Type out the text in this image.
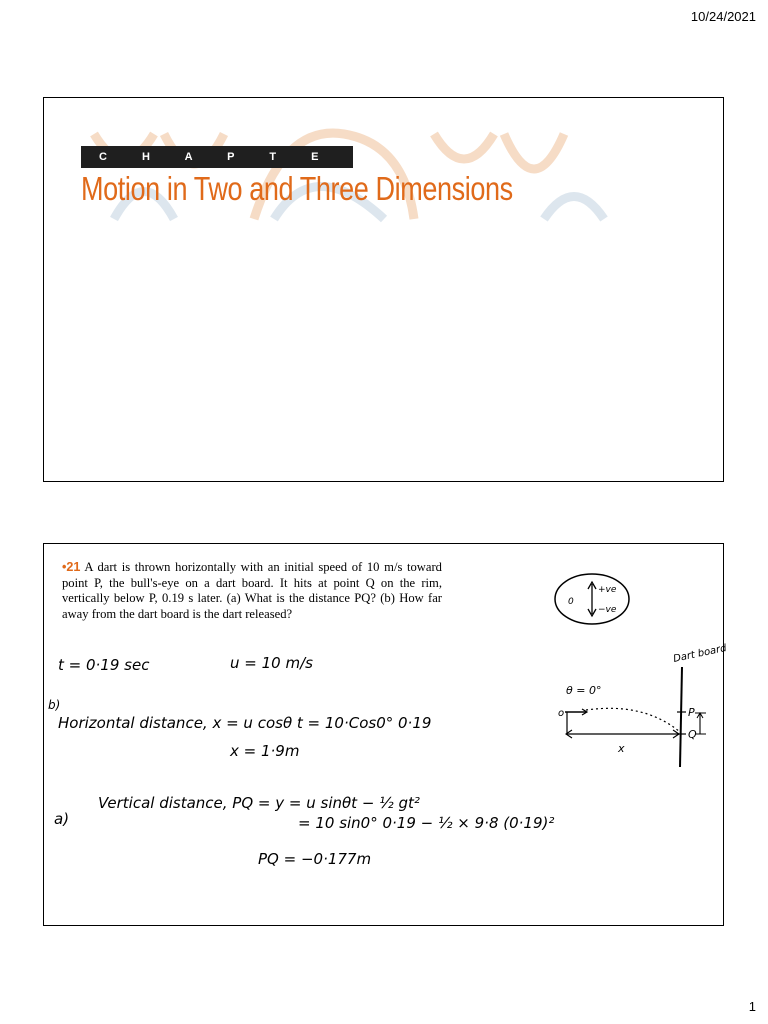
10/24/2021
C H A P T E R 4
Motion in Two and Three Dimensions
•21 A dart is thrown horizontally with an initial speed of 10 m/s toward point P, the bull's-eye on a dart board. It hits at point Q on the rim, vertically below P, 0.19 s later. (a) What is the distance PQ? (b) How far away from the dart board is the dart released?
t = 0·19 sec	u = 10 m/s
b)
Horizontal distance, x = u cosθ t = 10·Cos0° 0·19
x = 1·9m
a)
Vertical distance, PQ = y = u sinθt − ½ gt²
= 10 sin0° 0·19 − ½ × 9·8 (0·19)²
PQ = −0·177m
+ve
−ve
0
Dart board
θ = 0°
o
x
P
Q
1
